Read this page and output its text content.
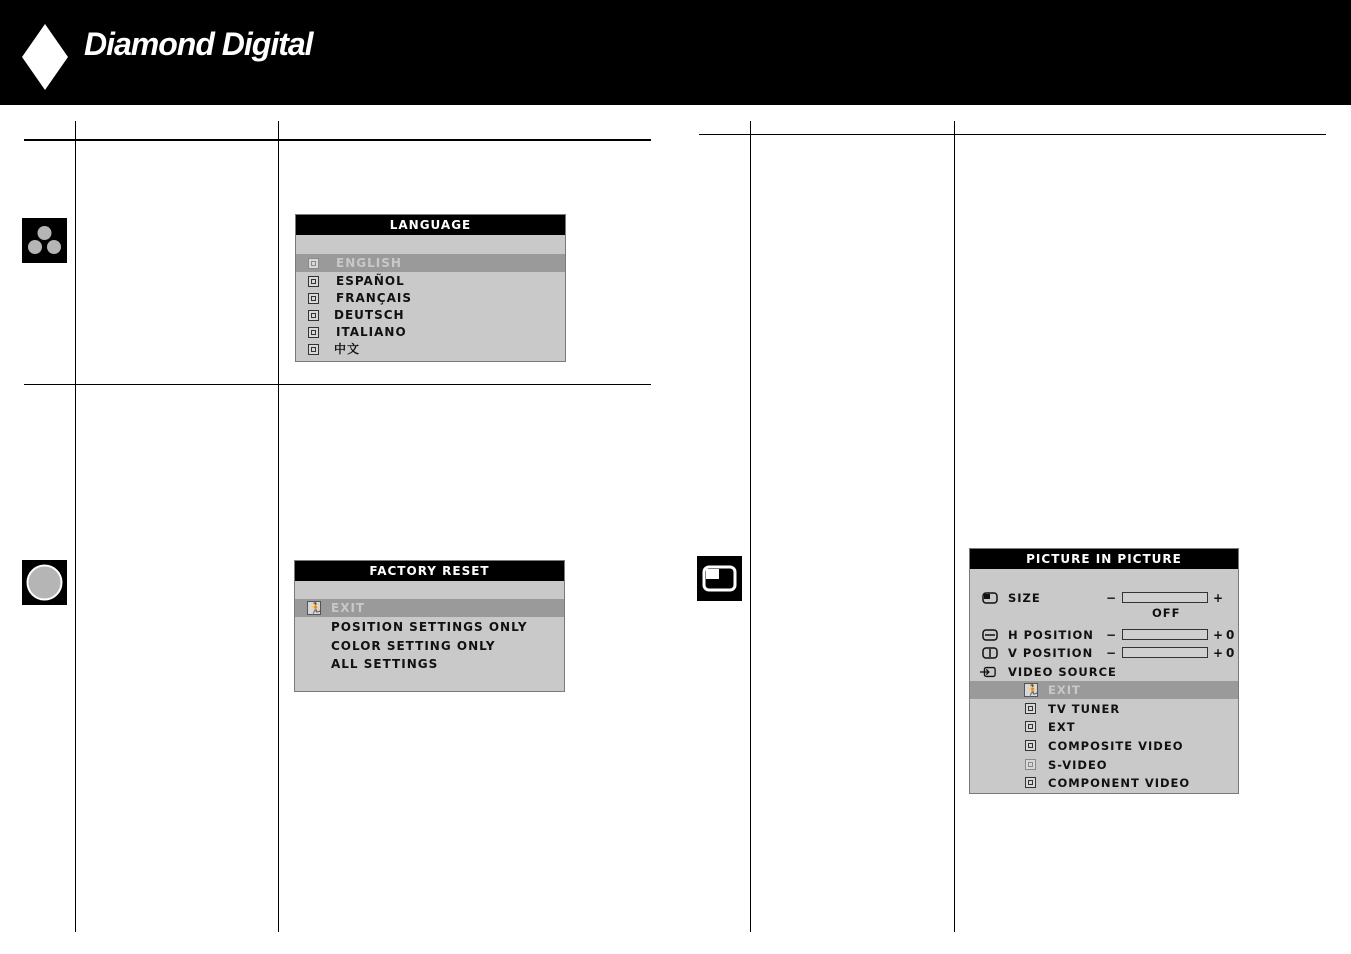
Diamond Digital
LANGUAGE
ENGLISH
ESPAÑOL
FRANÇAIS
DEUTSCH
ITALIANO
中文
FACTORY RESET
🏃 EXIT
POSITION SETTINGS ONLY
COLOR SETTING ONLY
ALL SETTINGS
PICTURE IN PICTURE
SIZE	−	+
OFF
H POSITION −	+ 0
V POSITION −	+ 0
VIDEO SOURCE
🏃 EXIT
TV TUNER
EXT
COMPOSITE VIDEO
S-VIDEO
COMPONENT VIDEO
